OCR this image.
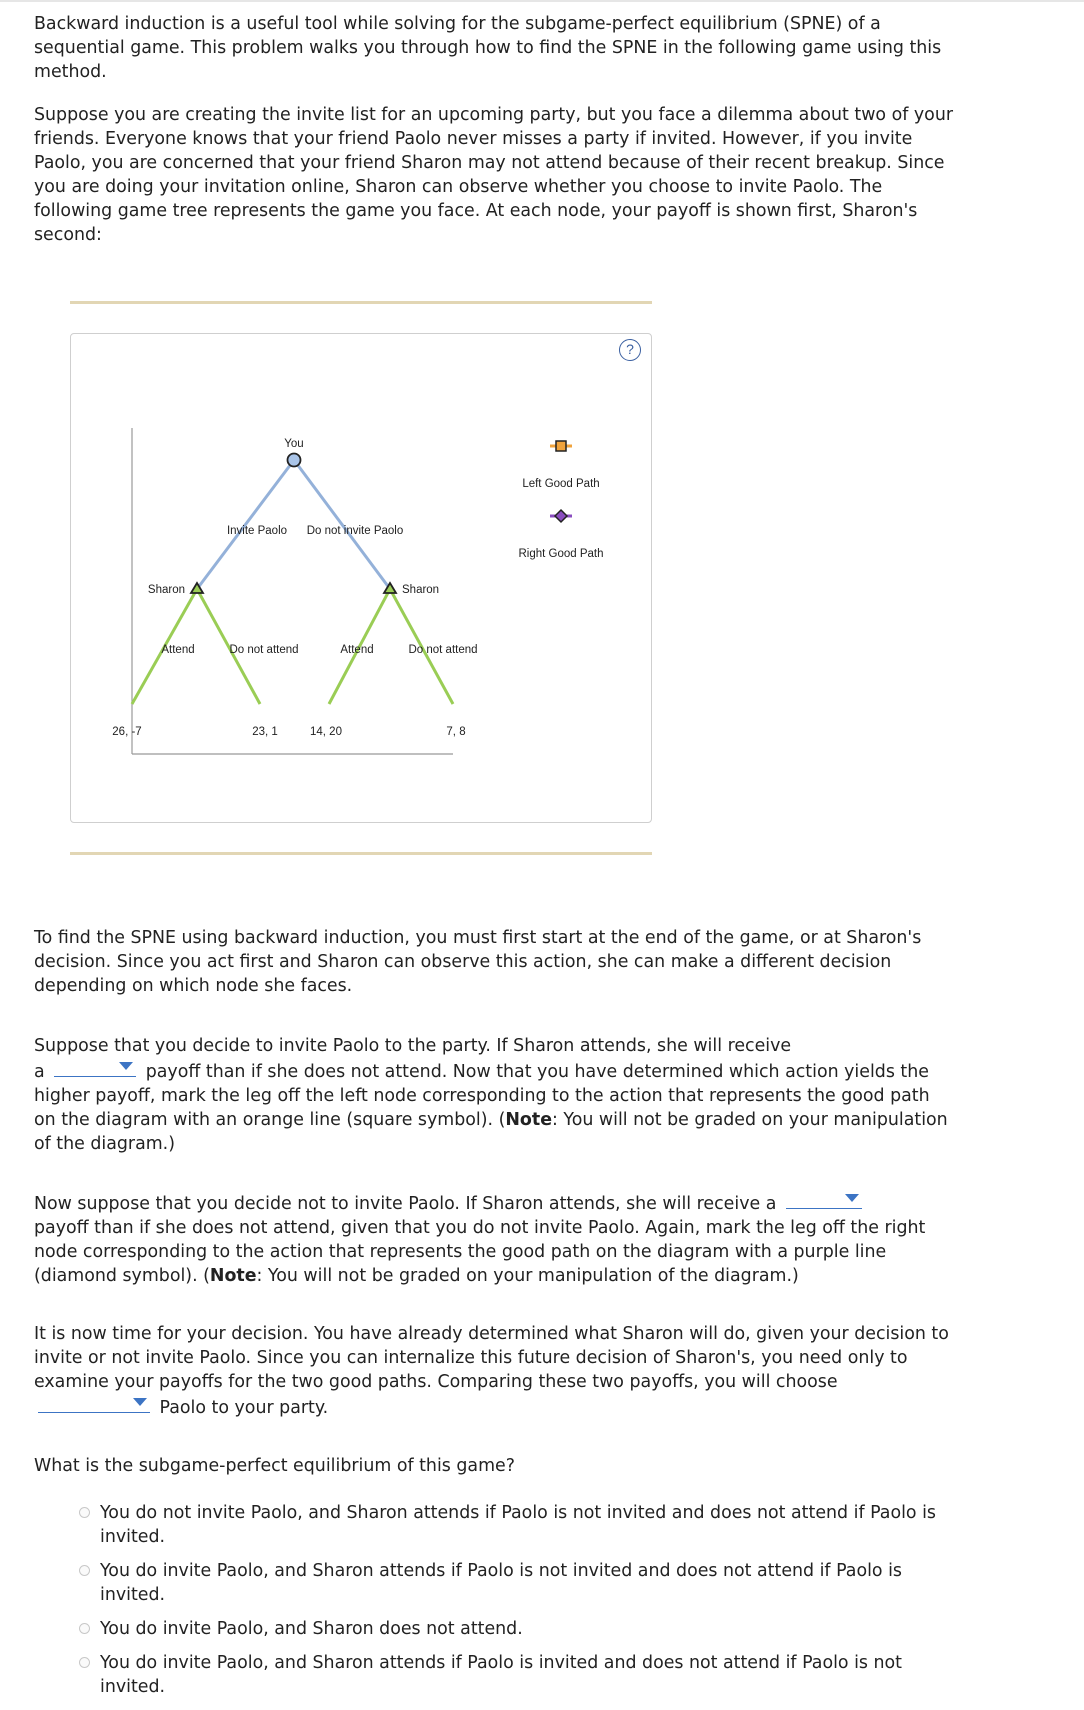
Backward induction is a useful tool while solving for the subgame-perfect equilibrium (SPNE) of a sequential game. This problem walks you through how to find the SPNE in the following game using this method.

Suppose you are creating the invite list for an upcoming party, but you face a dilemma about two of your friends. Everyone knows that your friend Paolo never misses a party if invited. However, if you invite Paolo, you are concerned that your friend Sharon may not attend because of their recent breakup. Since you are doing your invitation online, Sharon can observe whether you choose to invite Paolo. The following game tree represents the game you face. At each node, your payoff is shown first, Sharon's second:

?
You
Sharon	Sharon
Invite Paolo Do not invite Paolo
Attend	Do not attend	Attend	Do not attend
26, -7	23, 1	14, 20	7, 8
Left Good Path
Right Good Path

To find the SPNE using backward induction, you must first start at the end of the game, or at Sharon's decision. Since you act first and Sharon can observe this action, she can make a different decision depending on which node she faces.

Suppose that you decide to invite Paolo to the party. If Sharon attends, she will receive
a	payoff than if she does not attend. Now that you have determined which action yields the higher payoff, mark the leg off the left node corresponding to the action that represents the good path on the diagram with an orange line (square symbol). (Note: You will not be graded on your manipulation of the diagram.)

Now suppose that you decide not to invite Paolo. If Sharon attends, she will receive a

payoff than if she does not attend, given that you do not invite Paolo. Again, mark the leg off the right node corresponding to the action that represents the good path on the diagram with a purple line (diamond symbol). (Note: You will not be graded on your manipulation of the diagram.)

It is now time for your decision. You have already determined what Sharon will do, given your decision to invite or not invite Paolo. Since you can internalize this future decision of Sharon's, you need only to examine your payoffs for the two good paths. Comparing these two payoffs, you will choose
Paolo to your party.

What is the subgame-perfect equilibrium of this game?

You do not invite Paolo, and Sharon attends if Paolo is not invited and does not attend if Paolo is invited.
You do invite Paolo, and Sharon attends if Paolo is not invited and does not attend if Paolo is invited.
You do invite Paolo, and Sharon does not attend.
You do invite Paolo, and Sharon attends if Paolo is invited and does not attend if Paolo is not invited.
